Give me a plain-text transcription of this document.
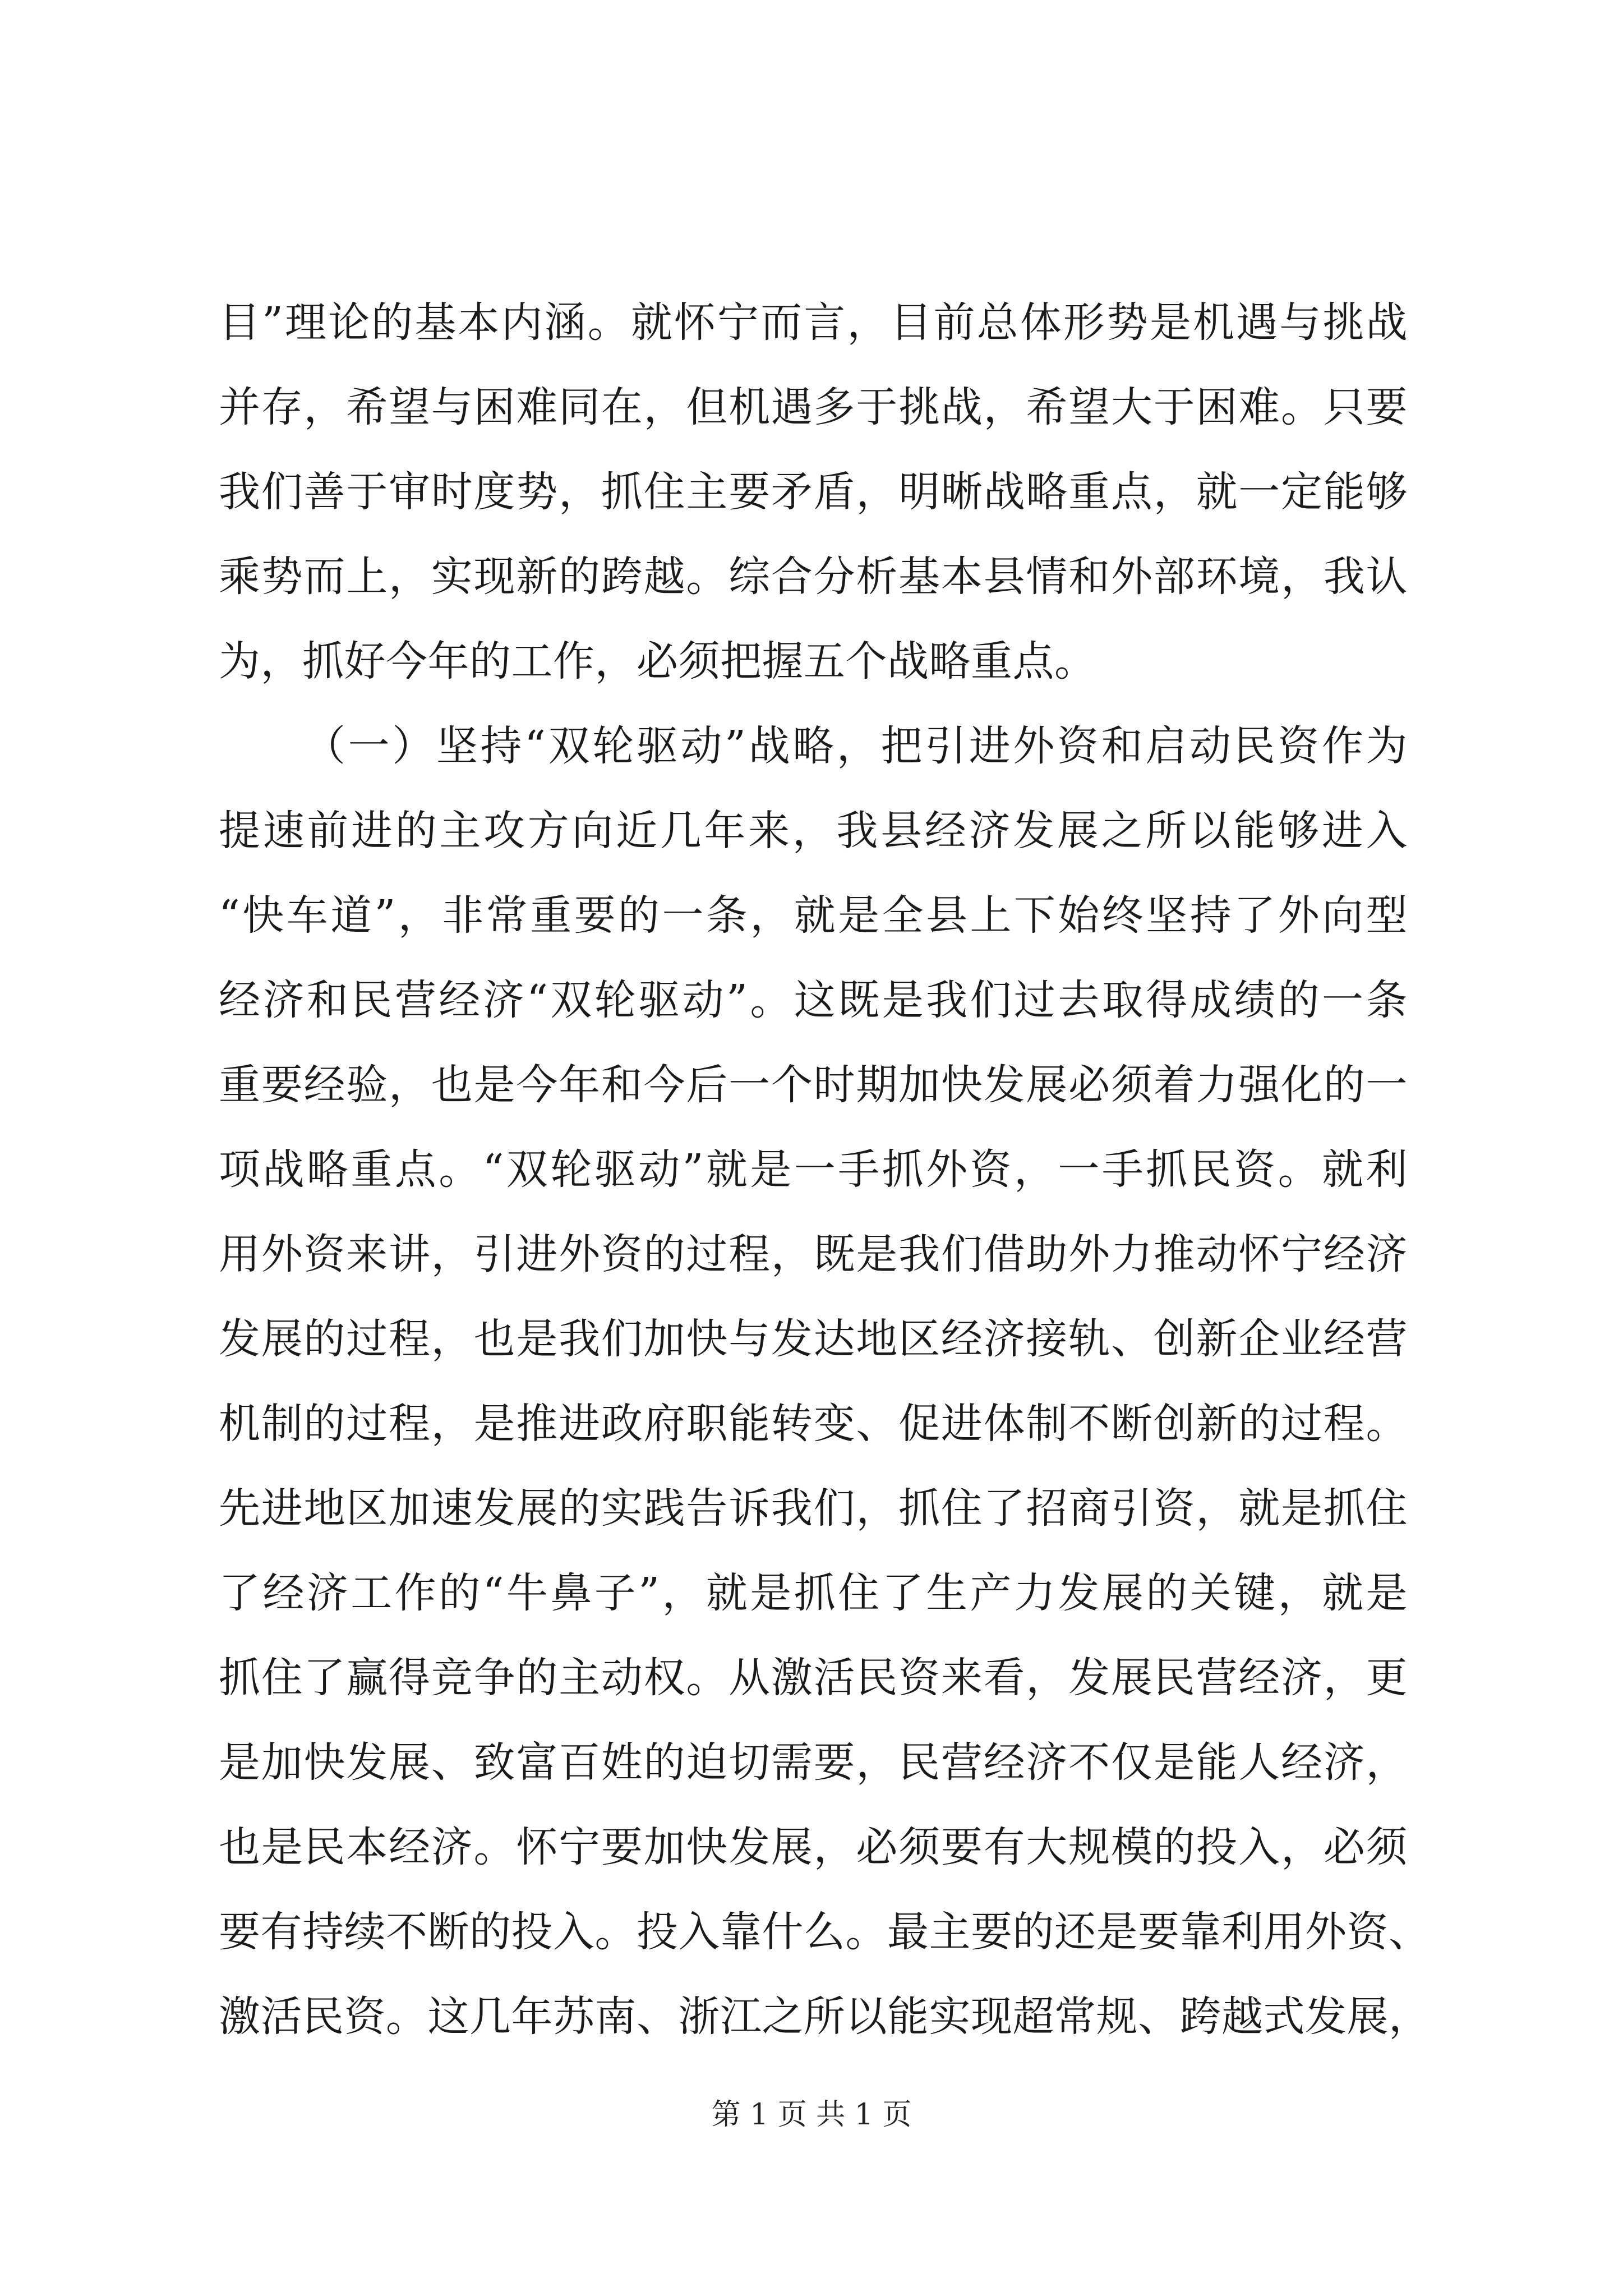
目”理论的基本内涵。就怀宁而言，目前总体形势是机遇与挑战
并存，希望与困难同在，但机遇多于挑战，希望大于困难。只要
我们善于审时度势，抓住主要矛盾，明晰战略重点，就一定能够
乘势而上，实现新的跨越。综合分析基本县情和外部环境，我认
为，抓好今年的工作，必须把握五个战略重点。
（一）坚持“双轮驱动”战略，把引进外资和启动民资作为
提速前进的主攻方向近几年来，我县经济发展之所以能够进入
“快车道”，非常重要的一条，就是全县上下始终坚持了外向型
经济和民营经济“双轮驱动”。这既是我们过去取得成绩的一条
重要经验，也是今年和今后一个时期加快发展必须着力强化的一
项战略重点。“双轮驱动”就是一手抓外资，一手抓民资。就利
用外资来讲，引进外资的过程，既是我们借助外力推动怀宁经济
发展的过程，也是我们加快与发达地区经济接轨、创新企业经营
机制的过程，是推进政府职能转变、促进体制不断创新的过程。
先进地区加速发展的实践告诉我们，抓住了招商引资，就是抓住
了经济工作的“牛鼻子”，就是抓住了生产力发展的关键，就是
抓住了赢得竞争的主动权。从激活民资来看，发展民营经济，更
是加快发展、致富百姓的迫切需要，民营经济不仅是能人经济，
也是民本经济。怀宁要加快发展，必须要有大规模的投入，必须
要有持续不断的投入。投入靠什么。最主要的还是要靠利用外资、
激活民资。这几年苏南、浙江之所以能实现超常规、跨越式发展，
第 1 页 共 1 页
